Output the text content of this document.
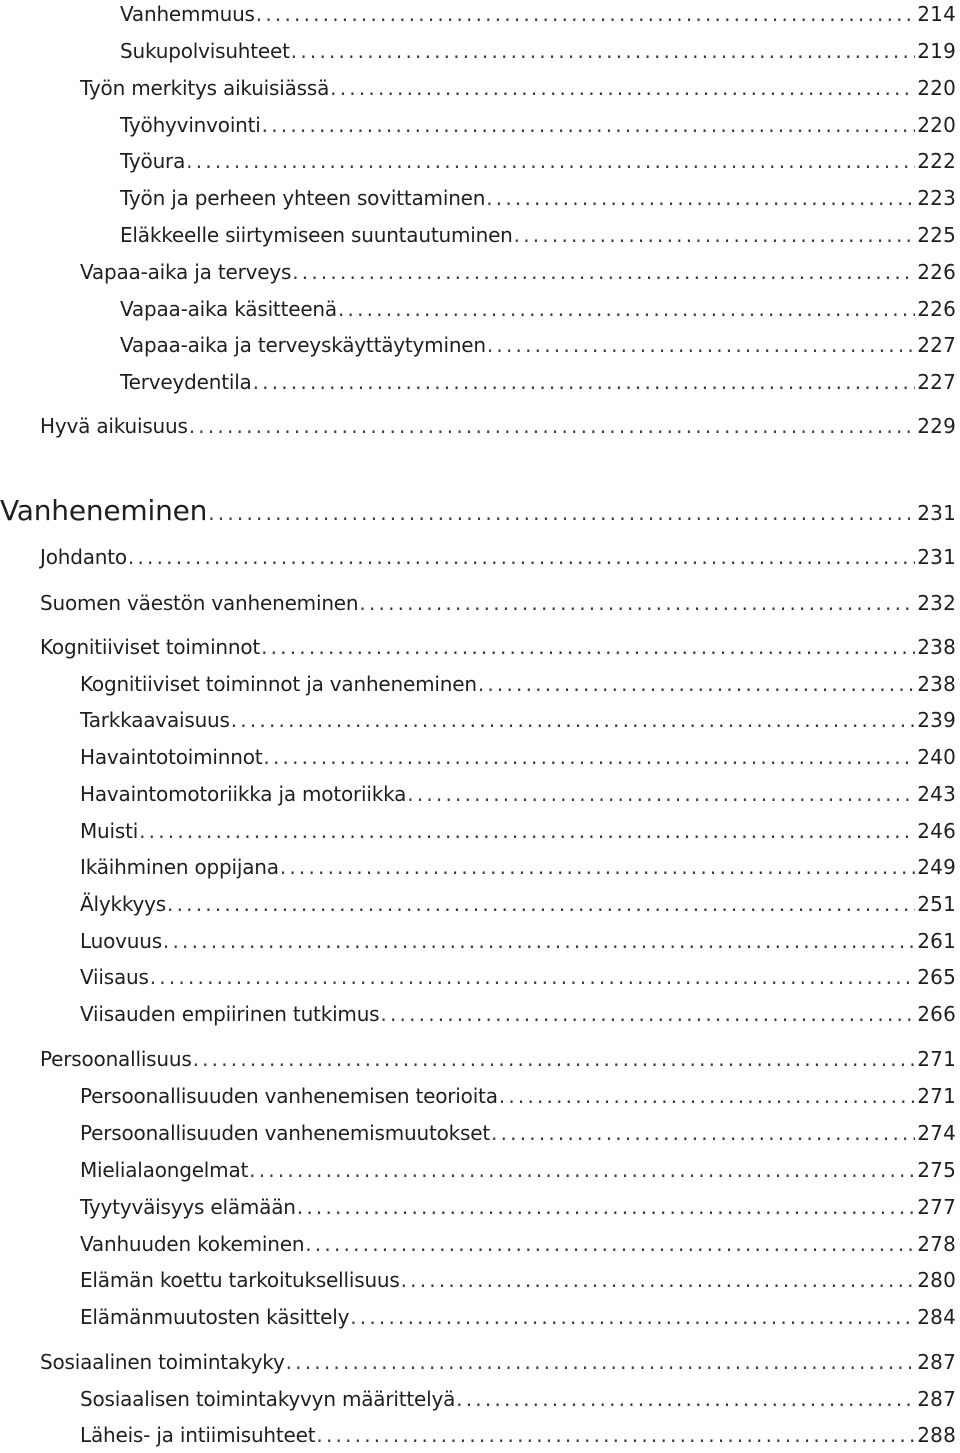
Vanhemmuus .....	214
Sukupolvisuhteet .....	219
Työn merkitys aikuisiässä .....	220
Työhyvinvointi .....	220
Työura .....	222
Työn ja perheen yhteen sovittaminen .....	223
Eläkkeelle siirtymiseen suuntautuminen .....	225
Vapaa-aika ja terveys .....	226
Vapaa-aika käsitteenä .....	226
Vapaa-aika ja terveyskäyttäytyminen .....	227
Terveydentila .....	227
Hyvä aikuisuus .....	229
Vanheneminen .....	231
Johdanto .....	231
Suomen väestön vanheneminen .....	232
Kognitiiviset toiminnot .....	238
Kognitiiviset toiminnot ja vanheneminen .....	238
Tarkkaavaisuus .....	239
Havaintotoiminnot .....	240
Havaintomotoriikka ja motoriikka .....	243
Muisti .....	246
Ikäihminen oppijana .....	249
Älykkyys .....	251
Luovuus .....	261
Viisaus .....	265
Viisauden empiirinen tutkimus .....	266
Persoonallisuus .....	271
Persoonallisuuden vanhenemisen teorioita .....	271
Persoonallisuuden vanhenemismuutokset .....	274
Mielialaongelmat .....	275
Tyytyväisyys elämään .....	277
Vanhuuden kokeminen .....	278
Elämän koettu tarkoituksellisuus .....	280
Elämänmuutosten käsittely .....	284
Sosiaalinen toimintakyky .....	287
Sosiaalisen toimintakyvyn määrittelyä .....	287
Läheis- ja intiimisuhteet .....	288
